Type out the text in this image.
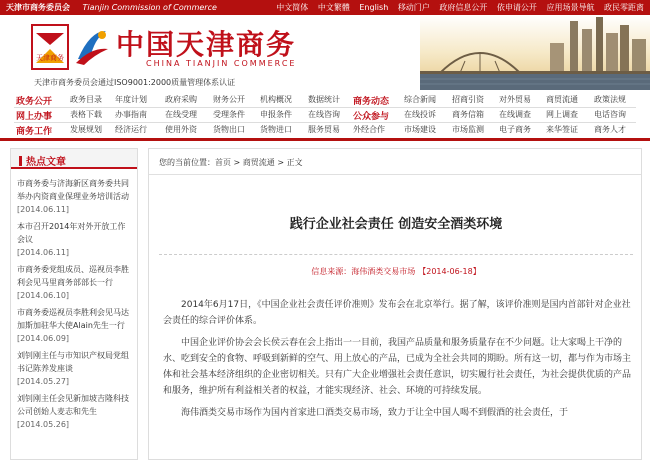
天津市商务委员会 Tianjin Commission of Commerce	中文简体 中文繁體 English 移动门户 政府信息公开 依申请公开 应用场景导航 政民零距离
天津商务 中国天津商务
CHINA TIANJIN COMMERCE
天津市商务委员会通过ISO9001:2000质量管理体系认证
政务公开 政务目录 年度计划 政府采购 财务公开 机构概况 数据统计 商务动态 综合新闻 招商引资 对外贸易 商贸流通 政策法规
网上办事 表格下载 办事指南 在线受理 受理条件 申报条件 在线咨询 公众参与 在线投诉 商务信箱 在线调查 网上调查 电话咨询
商务工作 发展规划 经济运行 使用外资 货物出口 货物进口 服务贸易 外经合作 市场建设 市场监测 电子商务 来华签证 商务人才
热点文章
市商务委与济海新区商务委共同举办内资商业保理业务培训活动
[2014.06.11]
本市召开2014年对外开放工作会议
[2014.06.11]
市商务委党组成员、巡视员李胜利会见马里商务部部长一行
[2014.06.10]
市商务委巡视员李胜利会见马达加斯加驻华大使Alain先生一行
[2014.06.09]
刘钊刚主任与市知识产权局党组书记陈养发座谈
[2014.05.27]
刘钊刚主任会见新加坡吉隆科技公司创始人麦志和先生
[2014.05.26]
您的当前位置：首页 > 商贸流通 > 正文
践行企业社会责任 创造安全酒类环境
信息来源：海伟酒类交易市场 【2014-06-18】

2014年6月17日，《中国企业社会责任评价准则》发布会在北京举行。据了解，该评价准则是国内首部针对企业社会责任的综合评价体系。

中国企业评价协会会长侯云春在会上指出一一目前，我国产品质量和服务质量存在不少问题。让大家喝上干净的水、吃到安全的食物、呼吸到新鲜的空气、用上放心的产品，已成为全社会共同的期盼。所有这一切，都与作为市场主体和社会基本经济组织的企业密切相关。只有广大企业增强社会责任意识，切实履行社会责任，为社会提供优质的产品和服务，维护所有利益相关者的权益，才能实现经济、社会、环境的可持续发展。

海伟酒类交易市场作为国内首家进口酒类交易市场，致力于让全中国人喝不到假酒的社会责任，于
